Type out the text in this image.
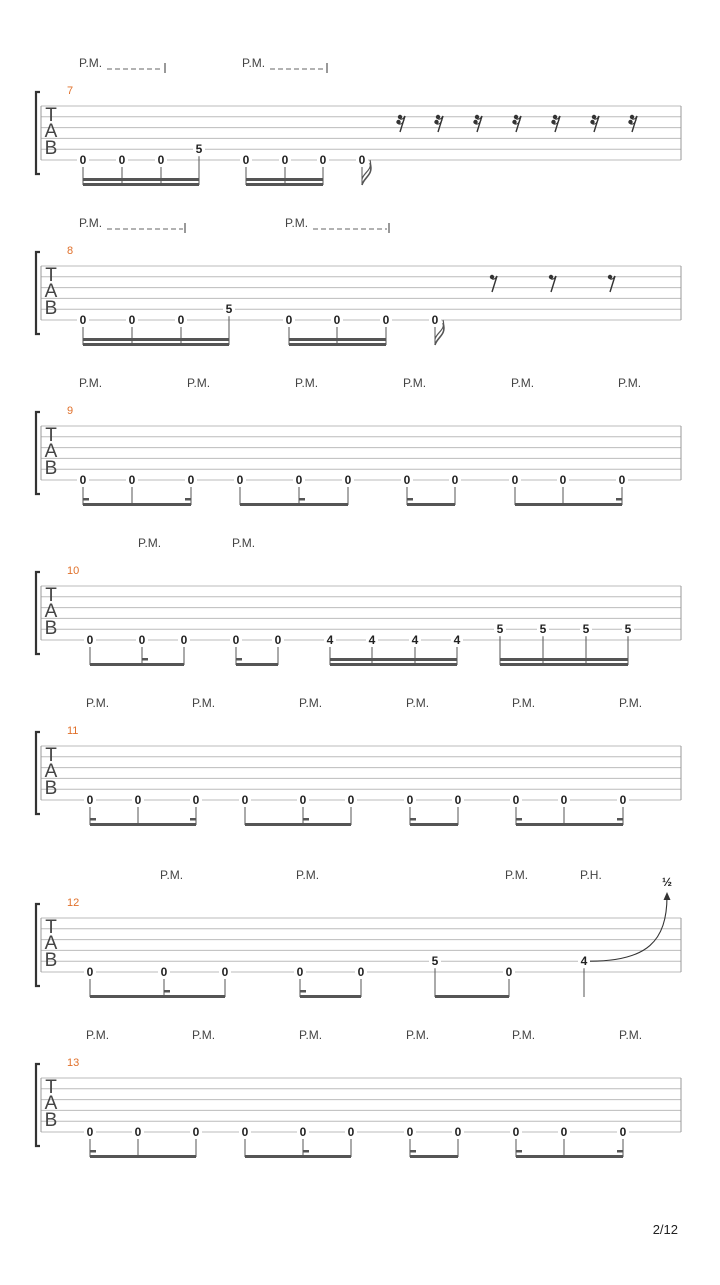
T
A
B
7
P.M.	P.M.
0	0	0
5
0	0	0	0
T
A
B
8
P.M.	P.M.
0	0	0
5
0	0	0	0
T
A
B
9
P.M.	P.M.	P.M.	P.M.	P.M.	P.M.
0	0	0	0	0	0	0	0	0	0	0
T
A
B
10
P.M.	P.M.
0	0	0	0	0	4	4	4	4
5	5	5	5
T
A
B
11
P.M.	P.M.	P.M.	P.M.	P.M.	P.M.
0	0	0	0	0	0	0	0	0	0	0
T
A
B
12
P.M.	P.M.	P.M.	P.H.
0	0	0	0	0
5
0
4
½
T
A
B
13
P.M.	P.M.	P.M.	P.M.	P.M.	P.M.
0	0	0	0	0	0	0	0	0	0	0
2/12
